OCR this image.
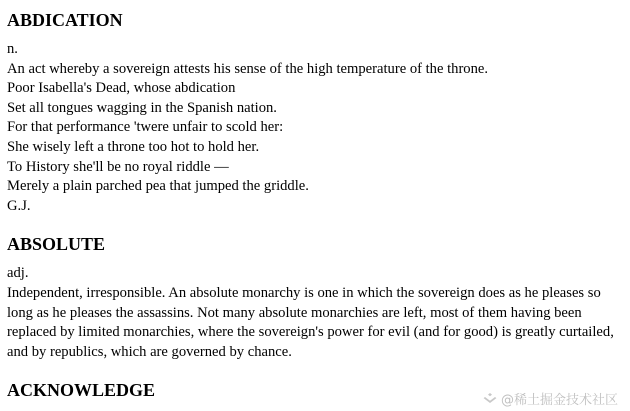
ABDICATION
n.
An act whereby a sovereign attests his sense of the high temperature of the throne.
Poor Isabella's Dead, whose abdication
Set all tongues wagging in the Spanish nation.
For that performance 'twere unfair to scold her:
She wisely left a throne too hot to hold her.
To History she'll be no royal riddle —
Merely a plain parched pea that jumped the griddle.
G.J.
ABSOLUTE
adj.
Independent, irresponsible. An absolute monarchy is one in which the sovereign does as he pleases so long as he pleases the assassins. Not many absolute monarchies are left, most of them having been replaced by limited monarchies, where the sovereign's power for evil (and for good) is greatly curtailed, and by republics, which are governed by chance.
ACKNOWLEDGE
@稀土掘金技术社区
